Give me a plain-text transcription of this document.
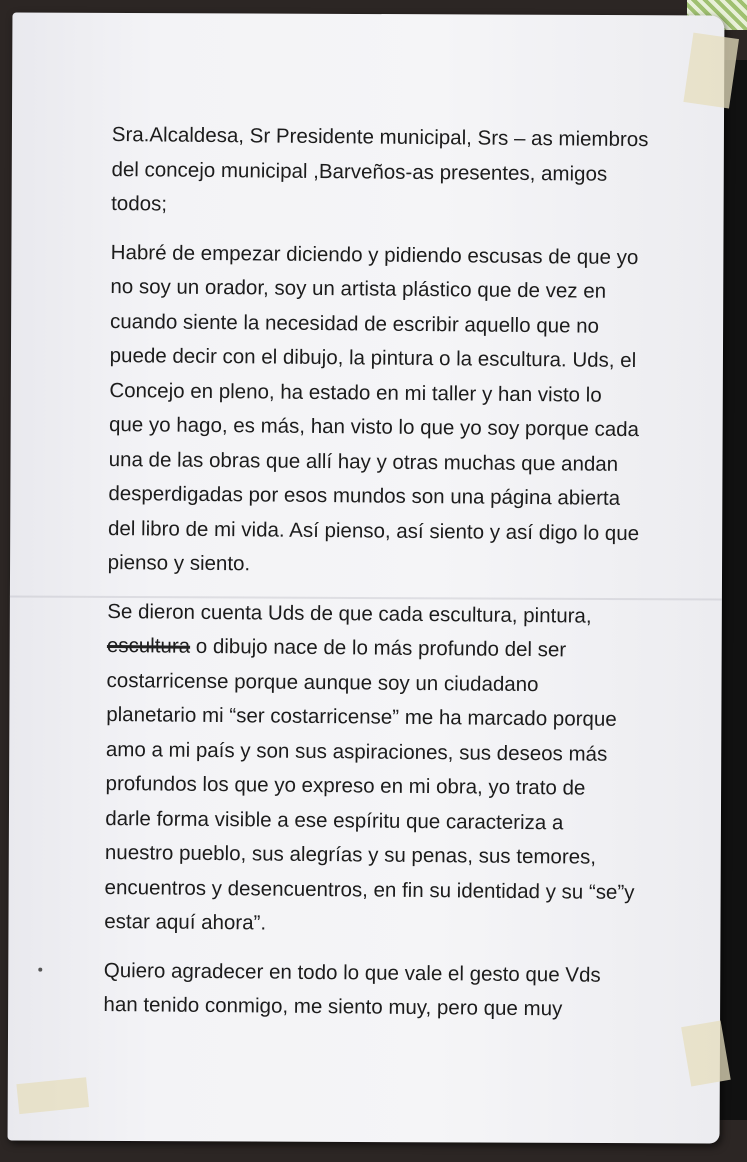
Sra.Alcaldesa, Sr Presidente municipal, Srs – as miembros
del concejo municipal ,Barveños-as presentes, amigos
todos;

Habré de empezar diciendo y pidiendo escusas de que yo
no soy un orador, soy un artista plástico que de vez en
cuando siente la necesidad de escribir aquello que no
puede decir con el dibujo, la pintura o la escultura. Uds, el
Concejo en pleno, ha estado en mi taller y han visto lo
que yo hago, es más, han visto lo que yo soy porque cada
una de las obras que allí hay y otras muchas que andan
desperdigadas por esos mundos son una página abierta
del libro de mi vida. Así pienso, así siento y así digo lo que
pienso y siento.

Se dieron cuenta Uds de que cada escultura, pintura,
escultura o dibujo nace de lo más profundo del ser
costarricense porque aunque soy un ciudadano
planetario mi “ser costarricense” me ha marcado porque
amo a mi país y son sus aspiraciones, sus deseos más
profundos los que yo expreso en mi obra, yo trato de
darle forma visible a ese espíritu que caracteriza a
nuestro pueblo, sus alegrías y su penas, sus temores,
encuentros y desencuentros, en fin su identidad y su “se”y
estar aquí ahora”.

Quiero agradecer en todo lo que vale el gesto que Vds
han tenido conmigo, me siento muy, pero que muy
